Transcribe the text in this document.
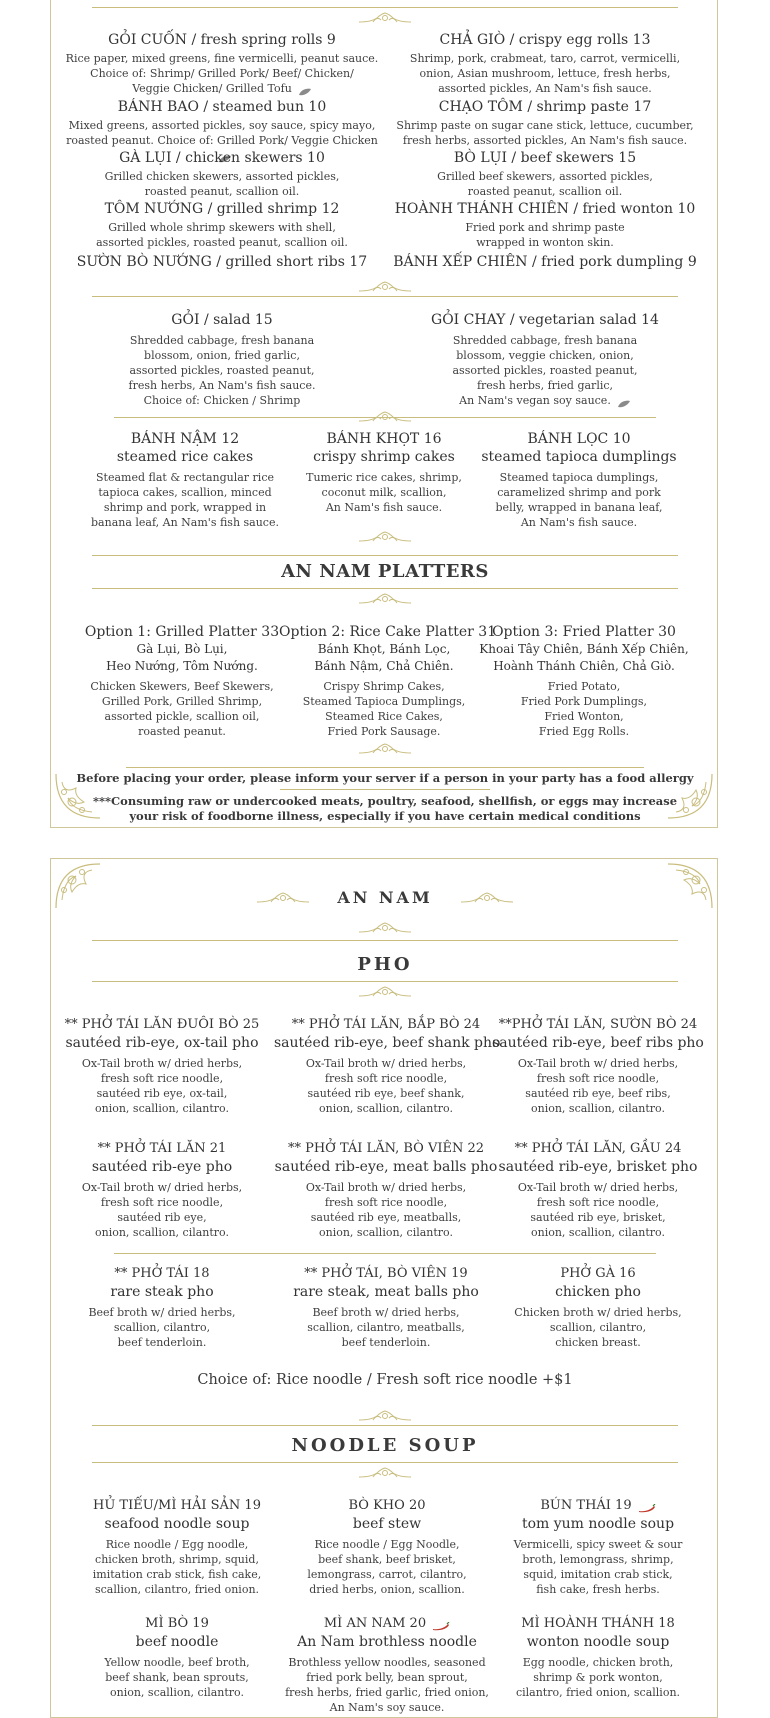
GỎI CUỐN / fresh spring rolls 9
Rice paper, mixed greens, fine vermicelli, peanut sauce.
Choice of: Shrimp/ Grilled Pork/ Beef/ Chicken/
Veggie Chicken/ Grilled Tofu
CHẢ GIÒ / crispy egg rolls 13
Shrimp, pork, crabmeat, taro, carrot, vermicelli,
onion, Asian mushroom, lettuce, fresh herbs,
assorted pickles, An Nam's fish sauce.
BÁNH BAO / steamed bun 10
Mixed greens, assorted pickles, soy sauce, spicy mayo,
roasted peanut. Choice of: Grilled Pork/ Veggie Chicken
CHẠO TÔM / shrimp paste 17
Shrimp paste on sugar cane stick, lettuce, cucumber,
fresh herbs, assorted pickles, An Nam's fish sauce.
GÀ LỤI / chicken skewers 10
Grilled chicken skewers, assorted pickles,
roasted peanut, scallion oil.
BÒ LỤI / beef skewers 15
Grilled beef skewers, assorted pickles,
roasted peanut, scallion oil.
TÔM NƯỚNG / grilled shrimp 12
Grilled whole shrimp skewers with shell,
assorted pickles, roasted peanut, scallion oil.
HOÀNH THÁNH CHIÊN / fried wonton 10
Fried pork and shrimp paste
wrapped in wonton skin.
SƯỜN BÒ NƯỚNG / grilled short ribs 17	BÁNH XẾP CHIÊN / fried pork dumpling 9
GỎI / salad 15
Shredded cabbage, fresh banana
blossom, onion, fried garlic,
assorted pickles, roasted peanut,
fresh herbs, An Nam's fish sauce.
Choice of: Chicken / Shrimp
GỎI CHAY / vegetarian salad 14
Shredded cabbage, fresh banana
blossom, veggie chicken, onion,
assorted pickles, roasted peanut,
fresh herbs, fried garlic,
An Nam's vegan soy sauce.
BÁNH NẬM 12
steamed rice cakes
Steamed flat & rectangular rice
tapioca cakes, scallion, minced
shrimp and pork, wrapped in
banana leaf, An Nam's fish sauce.
BÁNH KHỌT 16
crispy shrimp cakes
Tumeric rice cakes, shrimp,
coconut milk, scallion,
An Nam's fish sauce.
BÁNH LỌC 10
steamed tapioca dumplings
Steamed tapioca dumplings,
caramelized shrimp and pork
belly, wrapped in banana leaf,
An Nam's fish sauce.
AN NAM PLATTERS
Option 1: Grilled Platter 33
Gà Lụi, Bò Lụi,
Heo Nướng, Tôm Nướng.
Chicken Skewers, Beef Skewers,
Grilled Pork, Grilled Shrimp,
assorted pickle, scallion oil,
roasted peanut.
Option 2: Rice Cake Platter 31
Bánh Khọt, Bánh Lọc,
Bánh Nậm, Chả Chiên.
Crispy Shrimp Cakes,
Steamed Tapioca Dumplings,
Steamed Rice Cakes,
Fried Pork Sausage.
Option 3: Fried Platter 30
Khoai Tây Chiên, Bánh Xếp Chiên,
Hoành Thánh Chiên, Chả Giò.
Fried Potato,
Fried Pork Dumplings,
Fried Wonton,
Fried Egg Rolls.
Before placing your order, please inform your server if a person in your party has a food allergy
***Consuming raw or undercooked meats, poultry, seafood, shellfish, or eggs may increase
your risk of foodborne illness, especially if you have certain medical conditions
AN NAM
PHO
** PHỞ TÁI LĂN ĐUÔI BÒ 25
sautéed rib-eye, ox-tail pho
Ox-Tail broth w/ dried herbs,
fresh soft rice noodle,
sautéed rib eye, ox-tail,
onion, scallion, cilantro.
** PHỞ TÁI LĂN, BẮP BÒ 24
sautéed rib-eye, beef shank pho
Ox-Tail broth w/ dried herbs,
fresh soft rice noodle,
sautéed rib eye, beef shank,
onion, scallion, cilantro.
**PHỞ TÁI LĂN, SƯỜN BÒ 24
sautéed rib-eye, beef ribs pho
Ox-Tail broth w/ dried herbs,
fresh soft rice noodle,
sautéed rib eye, beef ribs,
onion, scallion, cilantro.
** PHỞ TÁI LĂN 21
sautéed rib-eye pho
Ox-Tail broth w/ dried herbs,
fresh soft rice noodle,
sautéed rib eye,
onion, scallion, cilantro.
** PHỞ TÁI LĂN, BÒ VIÊN 22
sautéed rib-eye, meat balls pho
Ox-Tail broth w/ dried herbs,
fresh soft rice noodle,
sautéed rib eye, meatballs,
onion, scallion, cilantro.
** PHỞ TÁI LĂN, GẦU 24
sautéed rib-eye, brisket pho
Ox-Tail broth w/ dried herbs,
fresh soft rice noodle,
sautéed rib eye, brisket,
onion, scallion, cilantro.
** PHỞ TÁI 18
rare steak pho
Beef broth w/ dried herbs,
scallion, cilantro,
beef tenderloin.
** PHỞ TÁI, BÒ VIÊN 19
rare steak, meat balls pho
Beef broth w/ dried herbs,
scallion, cilantro, meatballs,
beef tenderloin.
PHỞ GÀ 16
chicken pho
Chicken broth w/ dried herbs,
scallion, cilantro,
chicken breast.
Choice of: Rice noodle / Fresh soft rice noodle +$1
NOODLE SOUP
HỦ TIẾU/MÌ HẢI SẢN 19
seafood noodle soup
Rice noodle / Egg noodle,
chicken broth, shrimp, squid,
imitation crab stick, fish cake,
scallion, cilantro, fried onion.
BÒ KHO 20
beef stew
Rice noodle / Egg Noodle,
beef shank, beef brisket,
lemongrass, carrot, cilantro,
dried herbs, onion, scallion.
BÚN THÁI 19
tom yum noodle soup
Vermicelli, spicy sweet & sour
broth, lemongrass, shrimp,
squid, imitation crab stick,
fish cake, fresh herbs.
MÌ BÒ 19
beef noodle
Yellow noodle, beef broth,
beef shank, bean sprouts,
onion, scallion, cilantro.
MÌ AN NAM 20
An Nam brothless noodle
Brothless yellow noodles, seasoned
fried pork belly, bean sprout,
fresh herbs, fried garlic, fried onion,
An Nam's soy sauce.
MÌ HOÀNH THÁNH 18
wonton noodle soup
Egg noodle, chicken broth,
shrimp & pork wonton,
cilantro, fried onion, scallion.
